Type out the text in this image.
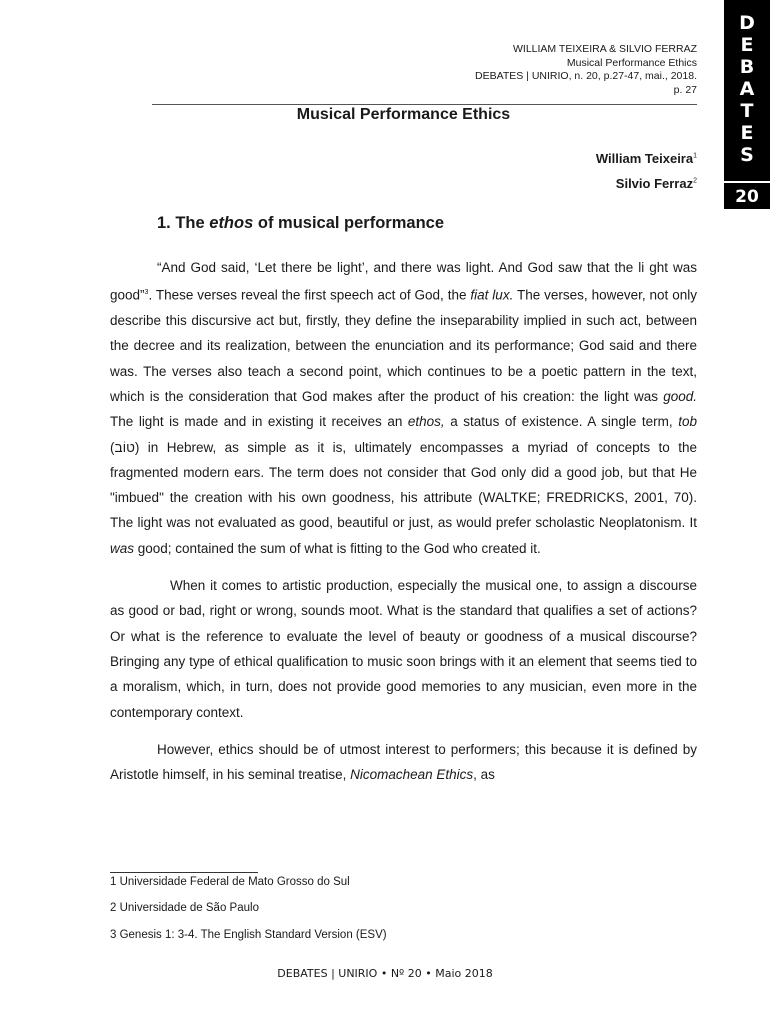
D
E
B
A
T
E
S
20
WILLIAM TEIXEIRA & SILVIO FERRAZ
Musical Performance Ethics
DEBATES | UNIRIO, n. 20, p.27-47, mai., 2018.
p. 27
Musical Performance Ethics
William Teixeira$^1$
Silvio Ferraz$^2$
1. The ethos of musical performance

“And God said, ‘Let there be light’, and there was light. And God saw that the li ght was good”$^3$. These verses reveal the first speech act of God, the fiat lux. The verses, however, not only describe this discursive act but, firstly, they define the inseparability implied in such act, between the decree and its realization, between the enunciation and its performance; God said and there was. The verses also teach a second point, which continues to be a poetic pattern in the text, which is the consideration that God makes after the product of his creation: the light was good. The light is made and in existing it receives an ethos, a status of existence. A single term, tob (טוֹב) in Hebrew, as simple as it is, ultimately encompasses a myriad of concepts to the fragmented modern ears. The term does not consider that God only did a good job, but that He "imbued" the creation with his own goodness, his attribute (WALTKE; FREDRICKS, 2001, 70). The light was not evaluated as good, beautiful or just, as would prefer scholastic Neoplatonism. It was good; contained the sum of what is fitting to the God who created it.

When it comes to artistic production, especially the musical one, to assign a discourse as good or bad, right or wrong, sounds moot. What is the standard that qualifies a set of actions? Or what is the reference to evaluate the level of beauty or goodness of a musical discourse? Bringing any type of ethical qualification to music soon brings with it an element that seems tied to a moralism, which, in turn, does not provide good memories to any musician, even more in the contemporary context.

However, ethics should be of utmost interest to performers; this because it is defined by Aristotle himself, in his seminal treatise, Nicomachean Ethics, as

1 Universidade Federal de Mato Grosso do Sul
2 Universidade de São Paulo
3 Genesis 1: 3-4. The English Standard Version (ESV)
DEBATES | UNIRIO • Nº 20 • Maio 2018
